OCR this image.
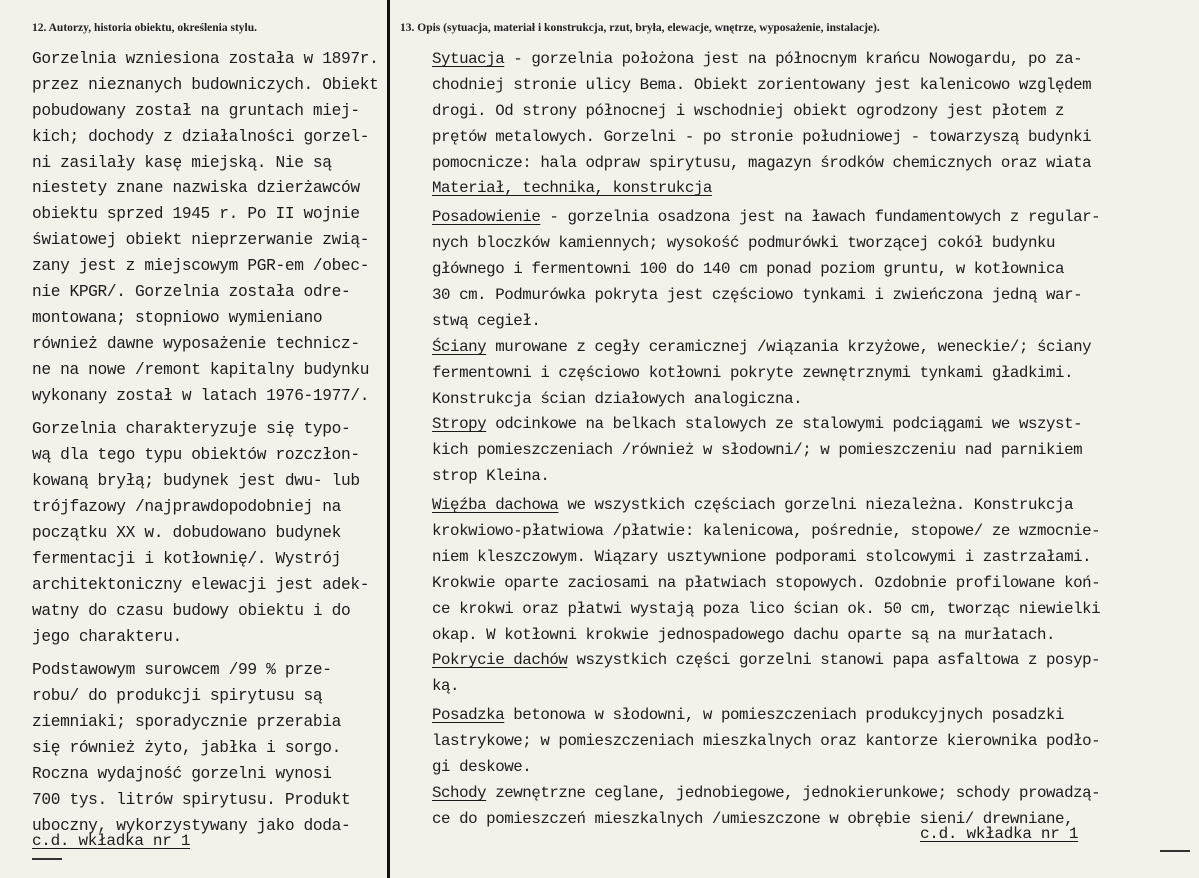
12. Autorzy, historia obiektu, określenia stylu.	13. Opis (sytuacja, materiał i konstrukcja, rzut, bryła, elewacje, wnętrze, wyposażenie, instalacje).
Gorzelnia wzniesiona została w 1897r.
przez nieznanych budowniczych. Obiekt
pobudowany został na gruntach miej-
kich; dochody z działalności gorzel-
ni zasilały kasę miejską. Nie są
niestety znane nazwiska dzierżawców
obiektu sprzed 1945 r. Po II wojnie
światowej obiekt nieprzerwanie zwią-
zany jest z miejscowym PGR-em /obec-
nie KPGR/. Gorzelnia została odre-
montowana; stopniowo wymieniano
również dawne wyposażenie technicz-
ne na nowe /remont kapitalny budynku
wykonany został w latach 1976-1977/.
Gorzelnia charakteryzuje się typo-
wą dla tego typu obiektów rozczłon-
kowaną bryłą; budynek jest dwu- lub
trójfazowy /najprawdopodobniej na
początku XX w. dobudowano budynek
fermentacji i kotłownię/. Wystrój
architektoniczny elewacji jest adek-
watny do czasu budowy obiektu i do
jego charakteru.
Podstawowym surowcem /99 % prze-
robu/ do produkcji spirytusu są
ziemniaki; sporadycznie przerabia
się również żyto, jabłka i sorgo.
Roczna wydajność gorzelni wynosi
700 tys. litrów spirytusu. Produkt
uboczny, wykorzystywany jako doda-
Sytuacja - gorzelnia położona jest na północnym krańcu Nowogardu, po za-
chodniej stronie ulicy Bema. Obiekt zorientowany jest kalenicowo względem
drogi. Od strony północnej i wschodniej obiekt ogrodzony jest płotem z
prętów metalowych. Gorzelni - po stronie południowej - towarzyszą budynki
pomocnicze: hala odpraw spirytusu, magazyn środków chemicznych oraz wiata
Materiał, technika, konstrukcja
Posadowienie - gorzelnia osadzona jest na ławach fundamentowych z regular-
nych bloczków kamiennych; wysokość podmurówki tworzącej cokół budynku
głównego i fermentowni 100 do 140 cm ponad poziom gruntu, w kotłownica
30 cm. Podmurówka pokryta jest częściowo tynkami i zwieńczona jedną war-
stwą cegieł.
Ściany murowane z cegły ceramicznej /wiązania krzyżowe, weneckie/; ściany
fermentowni i częściowo kotłowni pokryte zewnętrznymi tynkami gładkimi.
Konstrukcja ścian działowych analogiczna.
Stropy odcinkowe na belkach stalowych ze stalowymi podciągami we wszyst-
kich pomieszczeniach /również w słodowni/; w pomieszczeniu nad parnikiem
strop Kleina.
Więźba dachowa we wszystkich częściach gorzelni niezależna. Konstrukcja
krokwiowo-płatwiowa /płatwie: kalenicowa, pośrednie, stopowe/ ze wzmocnie-
niem kleszczowym. Wiązary usztywnione podporami stolcowymi i zastrzałami.
Krokwie oparte zaciosami na płatwiach stopowych. Ozdobnie profilowane koń-
ce krokwi oraz płatwi wystają poza lico ścian ok. 50 cm, tworząc niewielki
okap. W kotłowni krokwie jednospadowego dachu oparte są na murłatach.
Pokrycie dachów wszystkich części gorzelni stanowi papa asfaltowa z posyp-
ką.
Posadzka betonowa w słodowni, w pomieszczeniach produkcyjnych posadzki
lastrykowe; w pomieszczeniach mieszkalnych oraz kantorze kierownika podło-
gi deskowe.
Schody zewnętrzne ceglane, jednobiegowe, jednokierunkowe; schody prowadzą-
ce do pomieszczeń mieszkalnych /umieszczone w obrębie sieni/ drewniane,
c.d. wkładka nr 1	c.d. wkładka nr 1
